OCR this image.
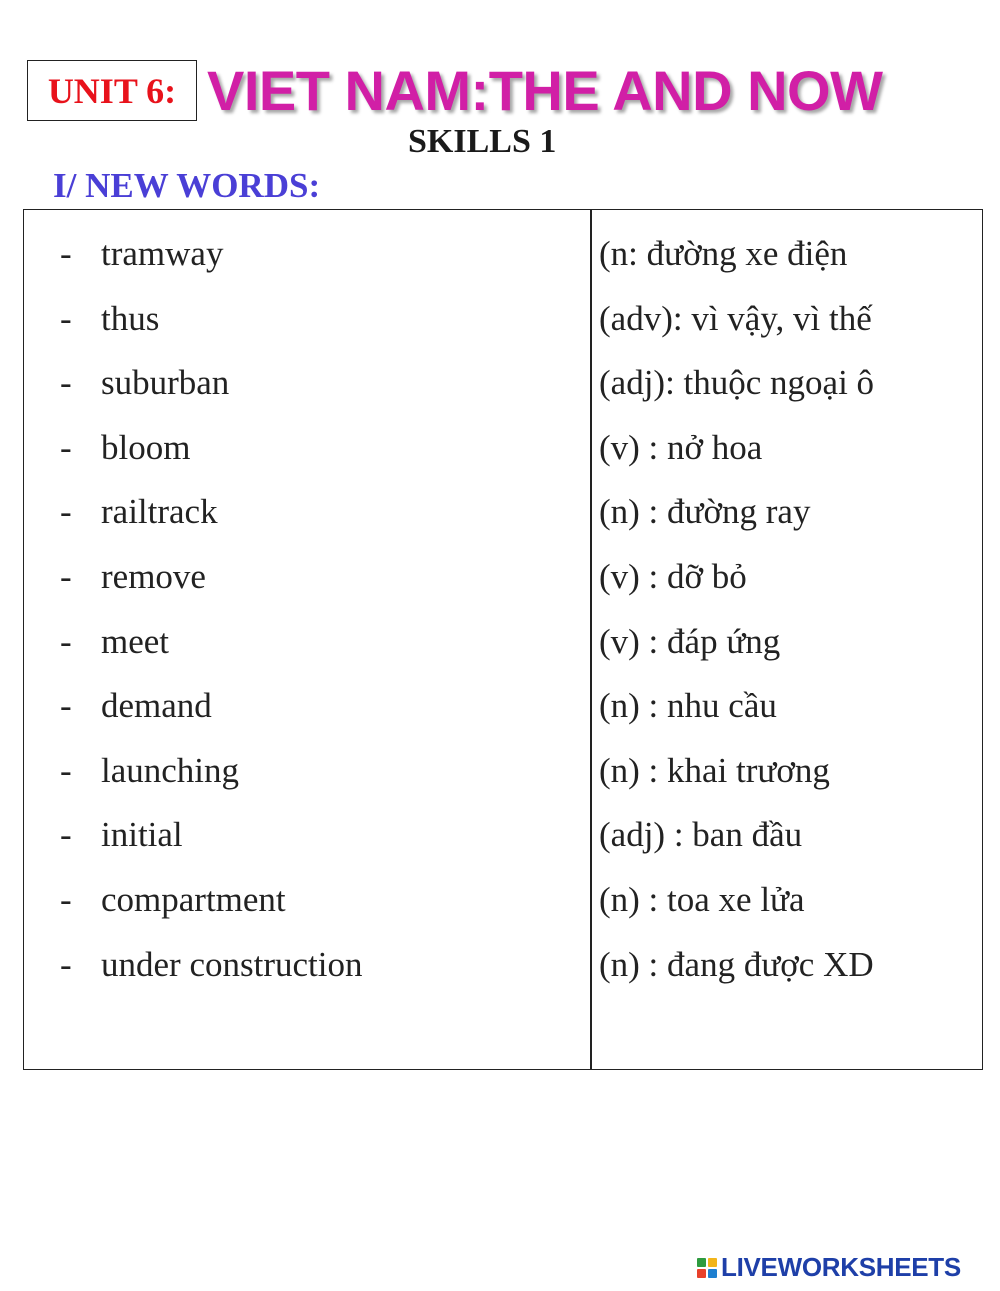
UNIT 6: VIET NAM:THE AND NOW
SKILLS 1
I/ NEW WORDS:
- tramway	(n: đường xe điện
- thus	(adv): vì vậy, vì thế
- suburban	(adj): thuộc ngoại ô
- bloom	(v) : nở hoa
- railtrack	(n) : đường ray
- remove	(v) : dỡ bỏ
- meet	(v) : đáp ứng
- demand	(n) : nhu cầu
- launching	(n) : khai trương
- initial	(adj) : ban đầu
- compartment	(n) : toa xe lửa
- under construction	(n) : đang được XD
LIVEWORKSHEETS
